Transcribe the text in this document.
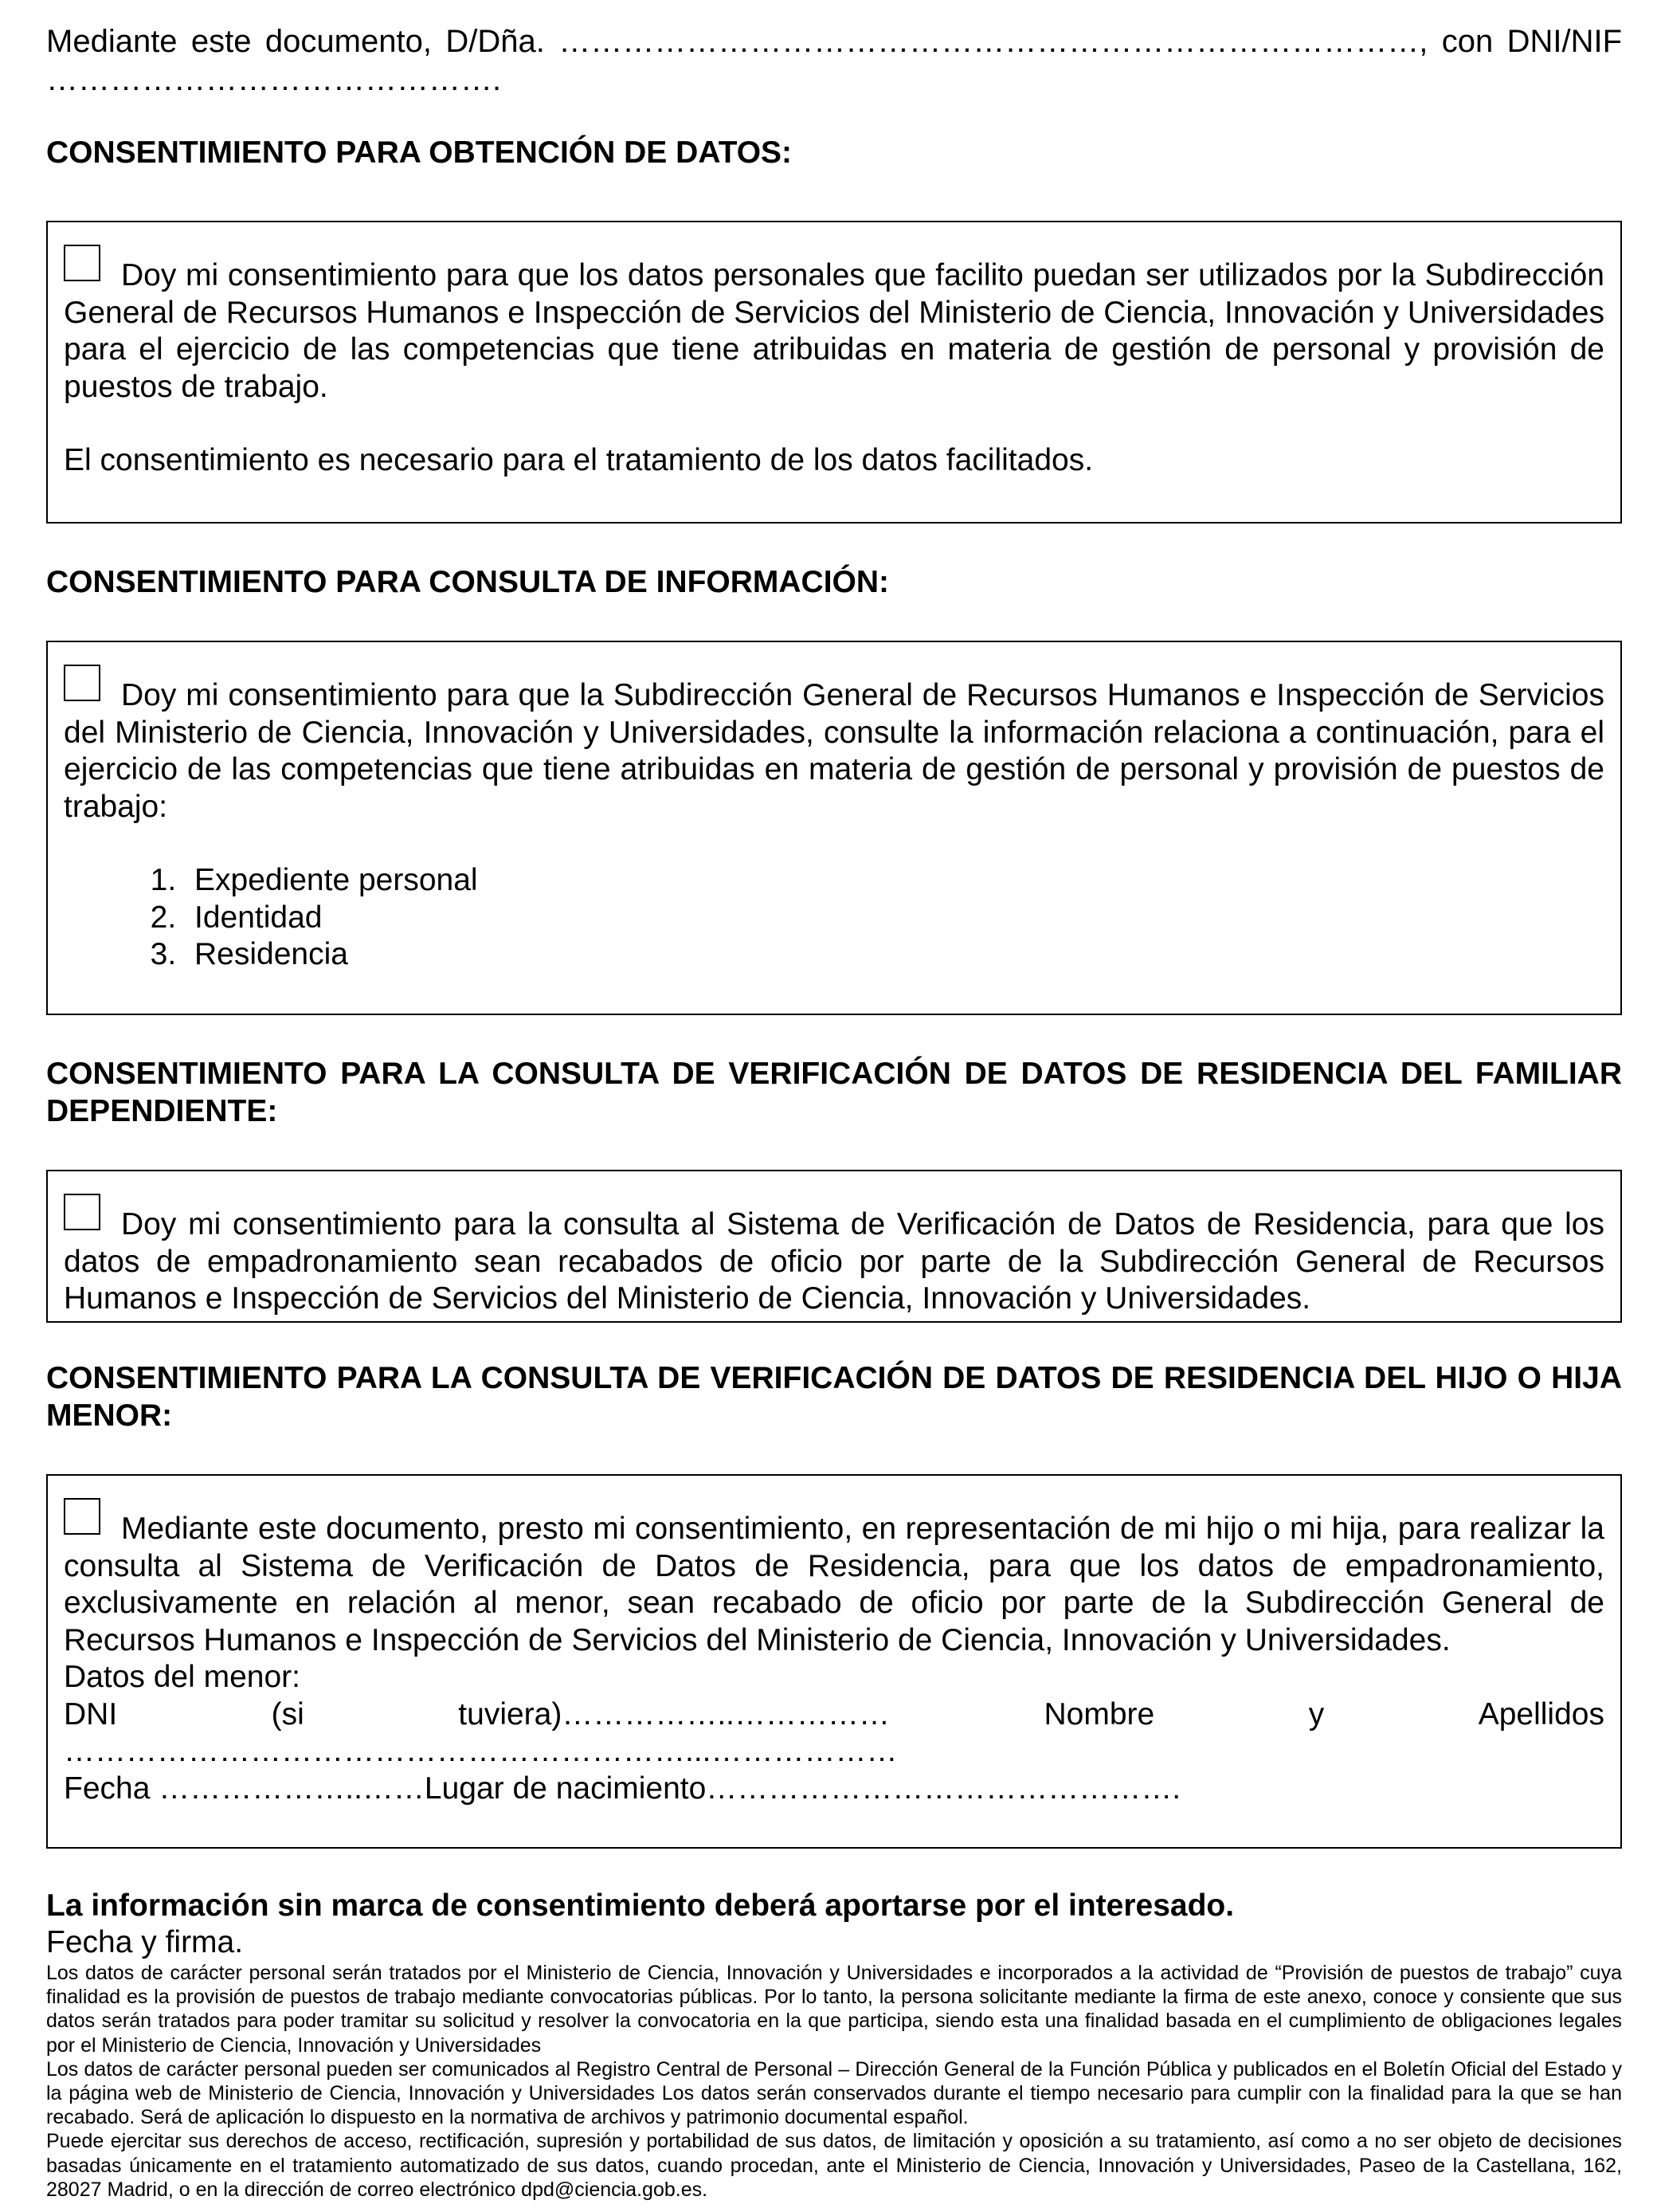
Mediante este documento, D/Dña. ………………………………………………………………………, con DNI/NIF

…………………………………….

CONSENTIMIENTO PARA OBTENCIÓN DE DATOS:

Doy mi consentimiento para que los datos personales que facilito puedan ser utilizados por la Subdirección General de Recursos Humanos e Inspección de Servicios del Ministerio de Ciencia, Innovación y Universidades para el ejercicio de las competencias que tiene atribuidas en materia de gestión de personal y provisión de puestos de trabajo.

El consentimiento es necesario para el tratamiento de los datos facilitados.

CONSENTIMIENTO PARA CONSULTA DE INFORMACIÓN:

Doy mi consentimiento para que la Subdirección General de Recursos Humanos e Inspección de Servicios del Ministerio de Ciencia, Innovación y Universidades, consulte la información relaciona a continuación, para el ejercicio de las competencias que tiene atribuidas en materia de gestión de personal y provisión de puestos de trabajo:

1. Expediente personal
2. Identidad
3. Residencia
CONSENTIMIENTO PARA LA CONSULTA DE VERIFICACIÓN DE DATOS DE RESIDENCIA DEL FAMILIAR DEPENDIENTE:

Doy mi consentimiento para la consulta al Sistema de Verificación de Datos de Residencia, para que los datos de empadronamiento sean recabados de oficio por parte de la Subdirección General de Recursos Humanos e Inspección de Servicios del Ministerio de Ciencia, Innovación y Universidades.

CONSENTIMIENTO PARA LA CONSULTA DE VERIFICACIÓN DE DATOS DE RESIDENCIA DEL HIJO O HIJA MENOR:

Mediante este documento, presto mi consentimiento, en representación de mi hijo o mi hija, para realizar la consulta al Sistema de Verificación de Datos de Residencia, para que los datos de empadronamiento, exclusivamente en relación al menor, sean recabado de oficio por parte de la Subdirección General de Recursos Humanos e Inspección de Servicios del Ministerio de Ciencia, Innovación y Universidades.

Datos del menor:

DNI	(si	tuviera)……………..……………	Nombre	y	Apellidos

……………………………………………………...………………

Fecha ………………..……Lugar de nacimiento……………………………………….

La información sin marca de consentimiento deberá aportarse por el interesado.

Fecha y firma.

Los datos de carácter personal serán tratados por el Ministerio de Ciencia, Innovación y Universidades e incorporados a la actividad de “Provisión de puestos de trabajo” cuya finalidad es la provisión de puestos de trabajo mediante convocatorias públicas. Por lo tanto, la persona solicitante mediante la firma de este anexo, conoce y consiente que sus datos serán tratados para poder tramitar su solicitud y resolver la convocatoria en la que participa, siendo esta una finalidad basada en el cumplimiento de obligaciones legales por el Ministerio de Ciencia, Innovación y Universidades

Los datos de carácter personal pueden ser comunicados al Registro Central de Personal – Dirección General de la Función Pública y publicados en el Boletín Oficial del Estado y la página web de Ministerio de Ciencia, Innovación y Universidades Los datos serán conservados durante el tiempo necesario para cumplir con la finalidad para la que se han recabado. Será de aplicación lo dispuesto en la normativa de archivos y patrimonio documental español.

Puede ejercitar sus derechos de acceso, rectificación, supresión y portabilidad de sus datos, de limitación y oposición a su tratamiento, así como a no ser objeto de decisiones basadas únicamente en el tratamiento automatizado de sus datos, cuando procedan, ante el Ministerio de Ciencia, Innovación y Universidades, Paseo de la Castellana, 162, 28027 Madrid, o en la dirección de correo electrónico dpd@ciencia.gob.es.
